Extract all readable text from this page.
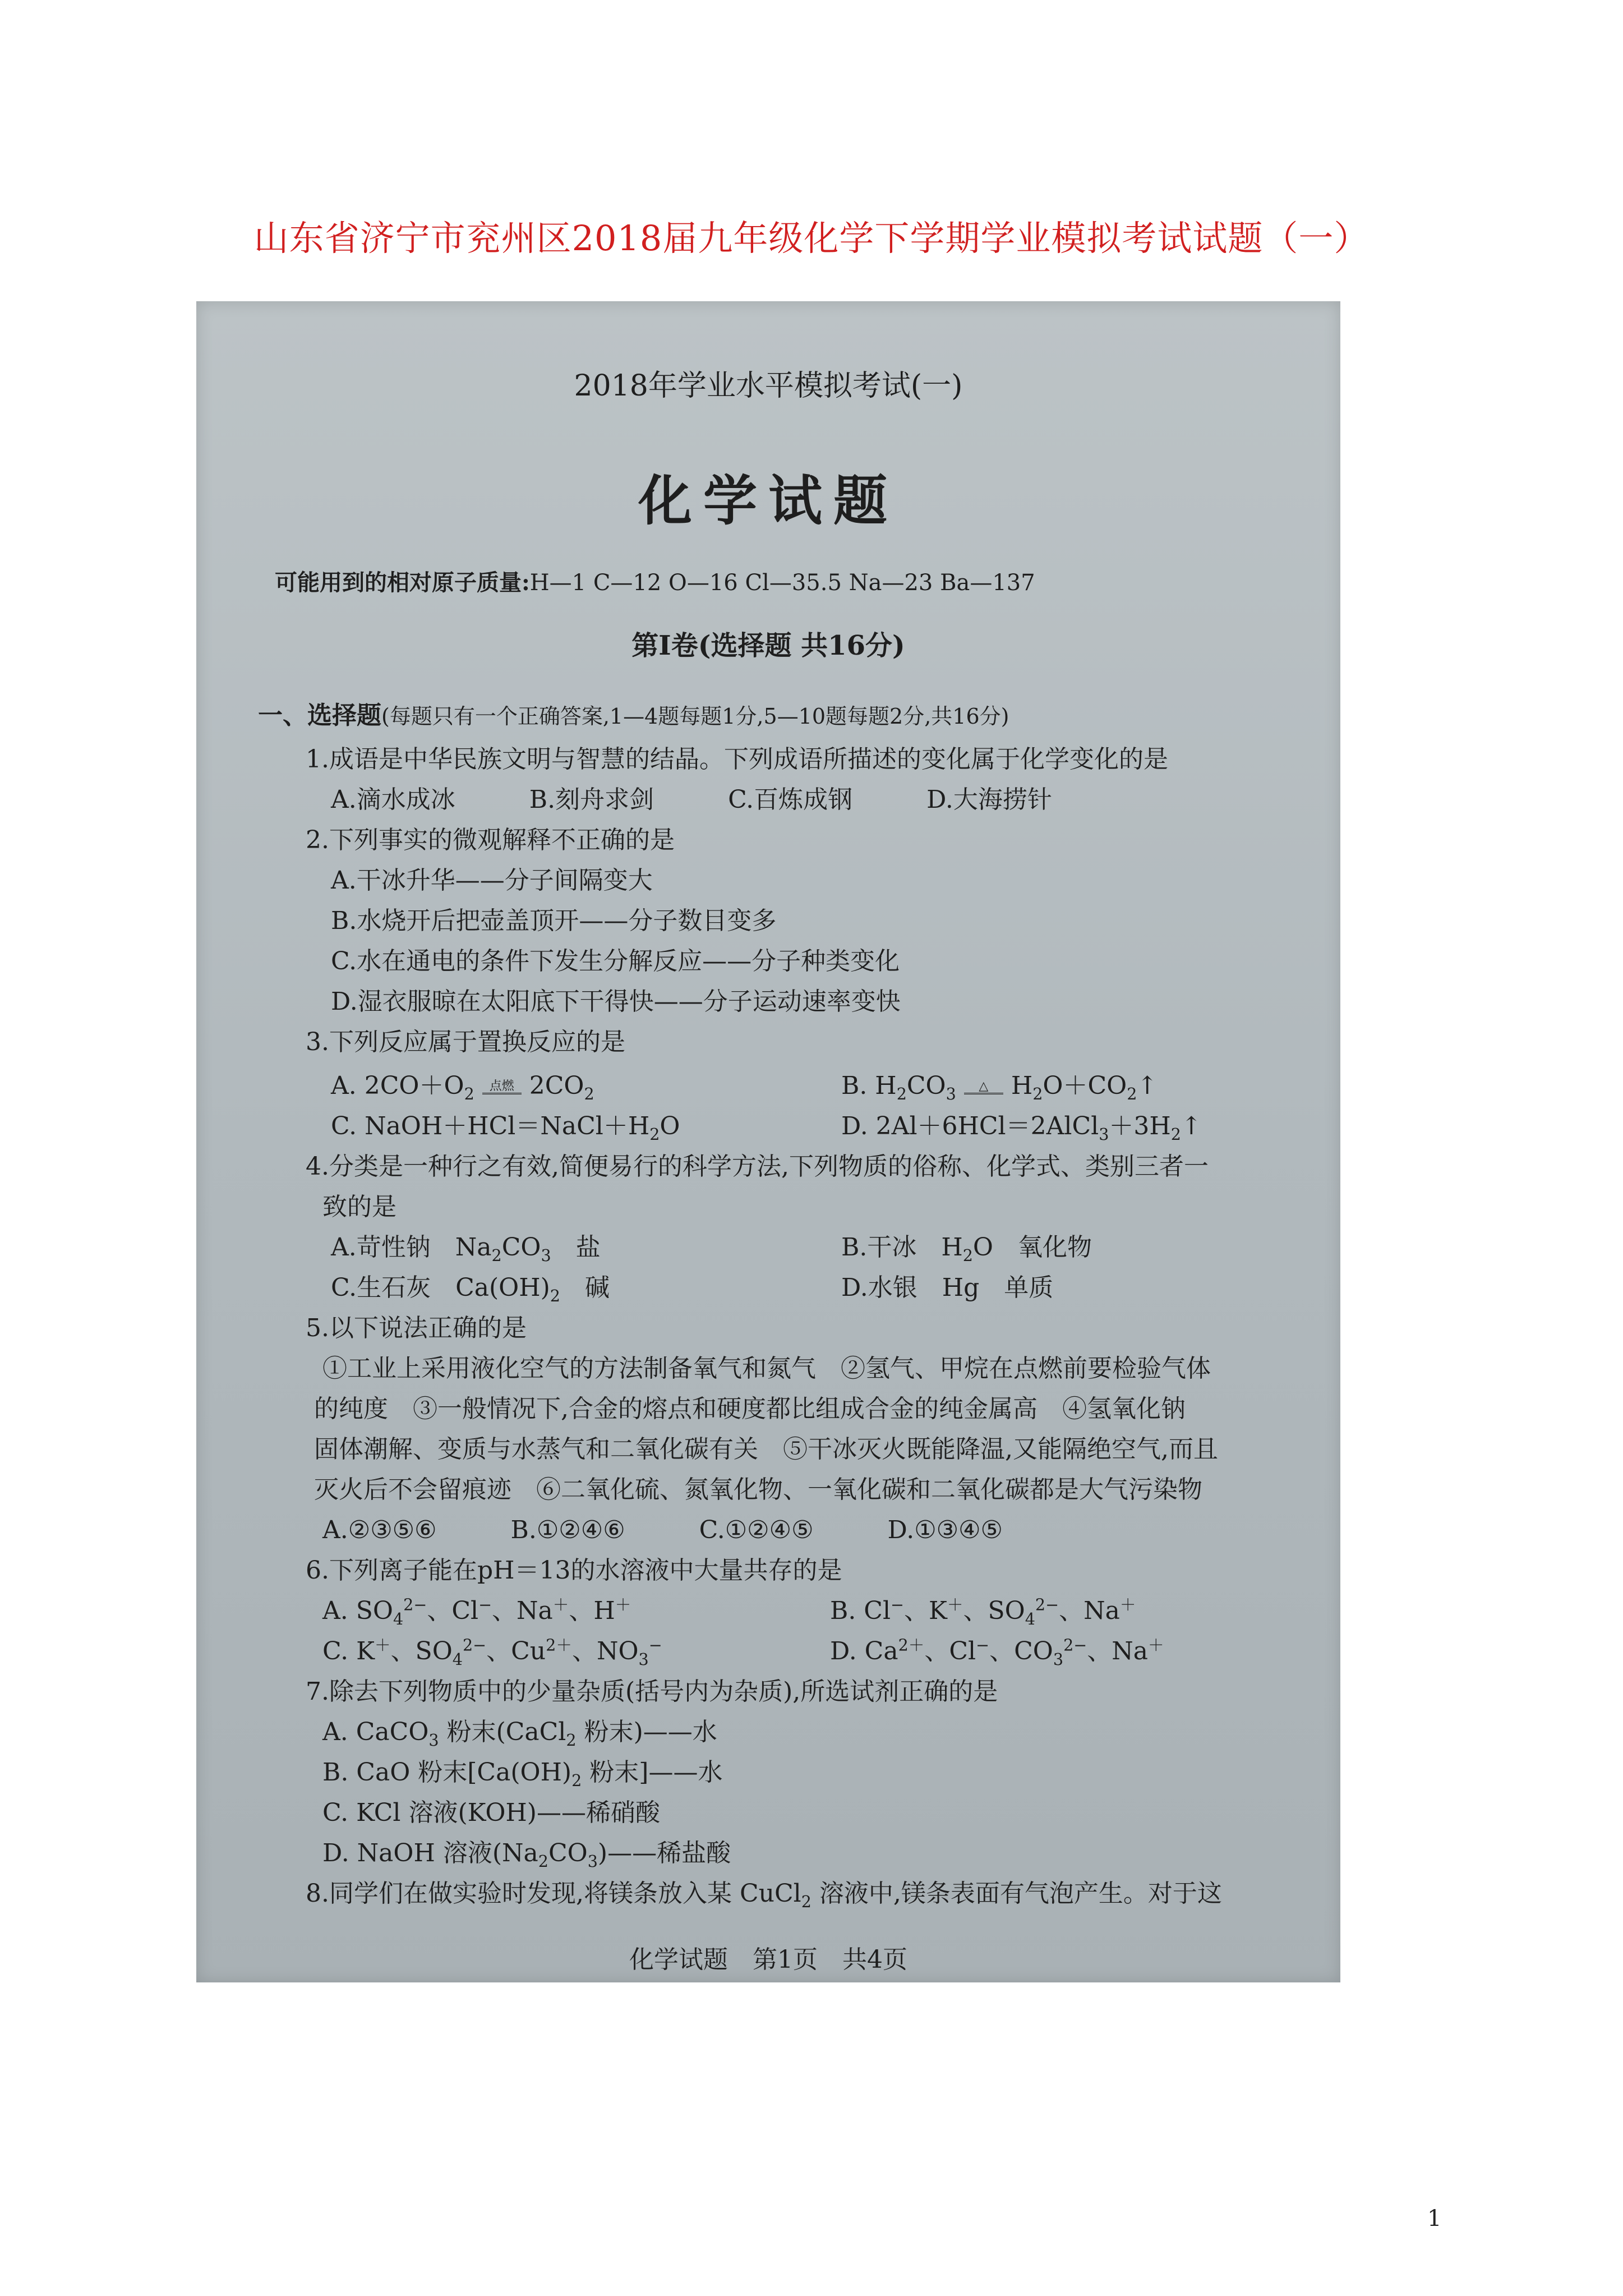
山东省济宁市兖州区2018届九年级化学下学期学业模拟考试试题（一）
2018年学业水平模拟考试(一)
化学试题
可能用到的相对原子质量:H—1 C—12 O—16 Cl—35.5 Na—23 Ba—137
第Ⅰ卷(选择题 共16分)
一、选择题(每题只有一个正确答案,1—4题每题1分,5—10题每题2分,共16分)
1.成语是中华民族文明与智慧的结晶。下列成语所描述的变化属于化学变化的是
A.滴水成冰　　　B.刻舟求剑　　　C.百炼成钢　　　D.大海捞针
2.下列事实的微观解释不正确的是
A.干冰升华——分子间隔变大
B.水烧开后把壶盖顶开——分子数目变多
C.水在通电的条件下发生分解反应——分子种类变化
D.湿衣服晾在太阳底下干得快——分子运动速率变快
3.下列反应属于置换反应的是
A. $2CO+O_2$	点燃 $2CO_2$	B. $H_2CO_3$	△ $H_2O+CO_2↑$
C. $NaOH+HCl=NaCl+H_2O$	D. $2Al+6HCl=2AlCl_3+3H_2↑$
4.分类是一种行之有效,简便易行的科学方法,下列物质的俗称、化学式、类别三者一
致的是
A.苛性钠　$Na_2CO_3$　盐	B.干冰　$H_2O$　氧化物
C.生石灰　$Ca(OH)_2$　碱	D.水银　Hg　单质
5.以下说法正确的是
①工业上采用液化空气的方法制备氧气和氮气　②氢气、甲烷在点燃前要检验气体
的纯度　③一般情况下,合金的熔点和硬度都比组成合金的纯金属高　④氢氧化钠
固体潮解、变质与水蒸气和二氧化碳有关　⑤干冰灭火既能降温,又能隔绝空气,而且
灭火后不会留痕迹　⑥二氧化硫、氮氧化物、一氧化碳和二氧化碳都是大气污染物
A.②③⑤⑥　　　B.①②④⑥　　　C.①②④⑤　　　D.①③④⑤
6.下列离子能在pH＝13的水溶液中大量共存的是
A. $SO_4^{2-}$、Cl−、Na＋、H＋	B. Cl−、K＋、$SO_4^{2-}$、Na＋
C. K＋、$SO_4^{2-}$、$Cu^{2+}$、$NO_3^-$	D. $Ca^{2+}$、Cl−、$CO_3^{2-}$、Na＋
7.除去下列物质中的少量杂质(括号内为杂质),所选试剂正确的是
A. CaCO$_3$ 粉末(CaCl$_2$ 粉末)——水
B. CaO 粉末[$Ca(OH)_2$ 粉末]——水
C. KCl 溶液(KOH)——稀硝酸
D. NaOH 溶液$(Na_2CO_3)——$稀盐酸
8.同学们在做实验时发现,将镁条放入某 CuCl$_2$ 溶液中,镁条表面有气泡产生。对于这
化学试题　第1页　共4页
1
